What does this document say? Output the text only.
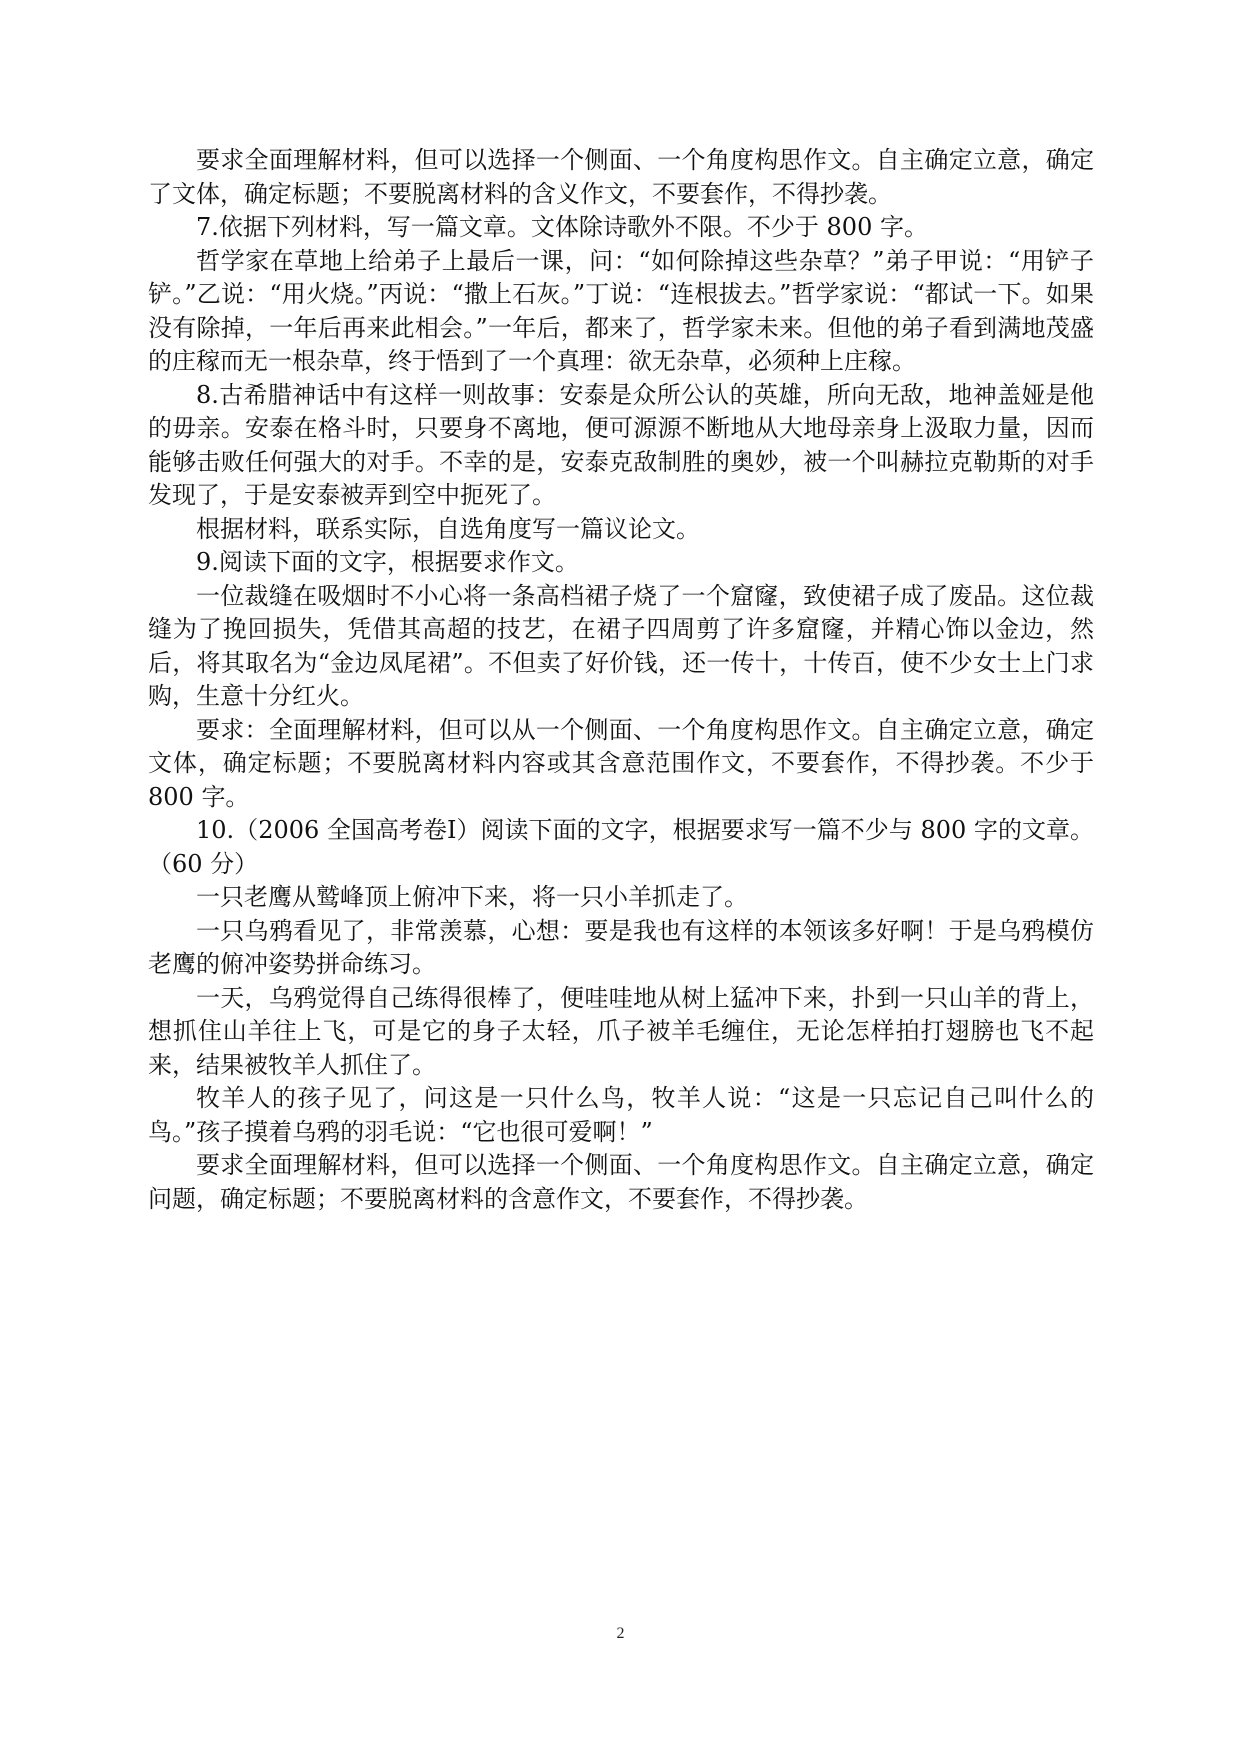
要求全面理解材料，但可以选择一个侧面、一个角度构思作文。自主确定立意，确定了文体，确定标题；不要脱离材料的含义作文，不要套作，不得抄袭。

7.依据下列材料，写一篇文章。文体除诗歌外不限。不少于 800 字。

哲学家在草地上给弟子上最后一课，问：“如何除掉这些杂草？”弟子甲说：“用铲子铲。”乙说：“用火烧。”丙说：“撒上石灰。”丁说：“连根拔去。”哲学家说：“都试一下。如果没有除掉，一年后再来此相会。”一年后，都来了，哲学家未来。但他的弟子看到满地茂盛的庄稼而无一根杂草，终于悟到了一个真理：欲无杂草，必须种上庄稼。

8.古希腊神话中有这样一则故事：安泰是众所公认的英雄，所向无敌，地神盖娅是他的毋亲。安泰在格斗时，只要身不离地，便可源源不断地从大地母亲身上汲取力量，因而能够击败任何强大的对手。不幸的是，安泰克敌制胜的奥妙，被一个叫赫拉克勒斯的对手发现了，于是安泰被弄到空中扼死了。

根据材料，联系实际，自选角度写一篇议论文。

9.阅读下面的文字，根据要求作文。

一位裁缝在吸烟时不小心将一条高档裙子烧了一个窟窿，致使裙子成了废品。这位裁缝为了挽回损失，凭借其高超的技艺，在裙子四周剪了许多窟窿，并精心饰以金边，然后，将其取名为“金边凤尾裙”。不但卖了好价钱，还一传十，十传百，使不少女士上门求购，生意十分红火。

要求：全面理解材料，但可以从一个侧面、一个角度构思作文。自主确定立意，确定文体，确定标题；不要脱离材料内容或其含意范围作文，不要套作，不得抄袭。不少于 800 字。

10.（2006 全国高考卷Ⅰ）阅读下面的文字，根据要求写一篇不少与 800 字的文章。（60 分）

一只老鹰从鹫峰顶上俯冲下来，将一只小羊抓走了。

一只乌鸦看见了，非常羡慕，心想：要是我也有这样的本领该多好啊！于是乌鸦模仿老鹰的俯冲姿势拼命练习。

一天，乌鸦觉得自己练得很棒了，便哇哇地从树上猛冲下来，扑到一只山羊的背上，想抓住山羊往上飞，可是它的身子太轻，爪子被羊毛缠住，无论怎样拍打翅膀也飞不起来，结果被牧羊人抓住了。

牧羊人的孩子见了，问这是一只什么鸟，牧羊人说：“这是一只忘记自己叫什么的鸟。”孩子摸着乌鸦的羽毛说：“它也很可爱啊！”

要求全面理解材料，但可以选择一个侧面、一个角度构思作文。自主确定立意，确定问题，确定标题；不要脱离材料的含意作文，不要套作，不得抄袭。

2
